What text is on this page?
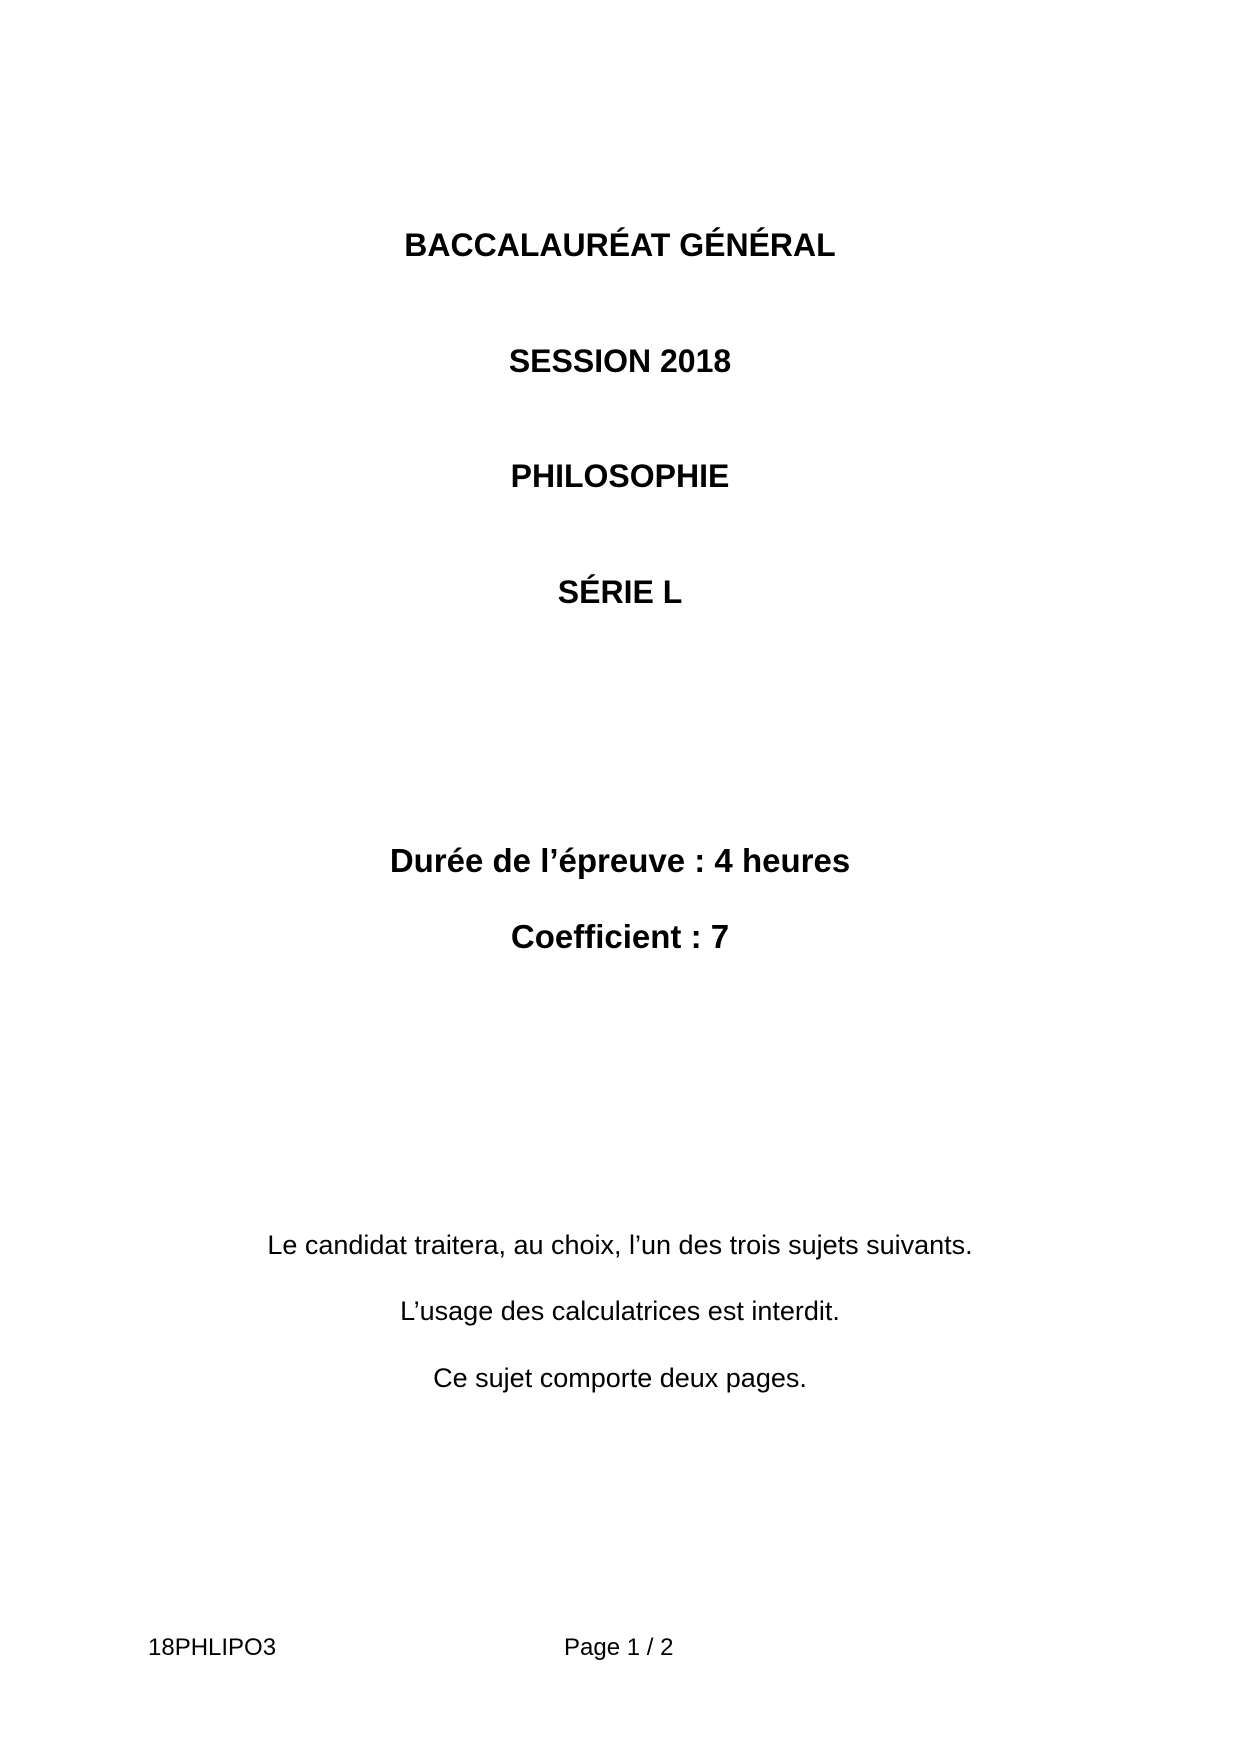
BACCALAURÉAT GÉNÉRAL
SESSION 2018
PHILOSOPHIE
SÉRIE L
Durée de l’épreuve : 4 heures
Coefficient : 7
Le candidat traitera, au choix, l’un des trois sujets suivants.
L’usage des calculatrices est interdit.
Ce sujet comporte deux pages.
18PHLIPO3	Page 1 / 2
